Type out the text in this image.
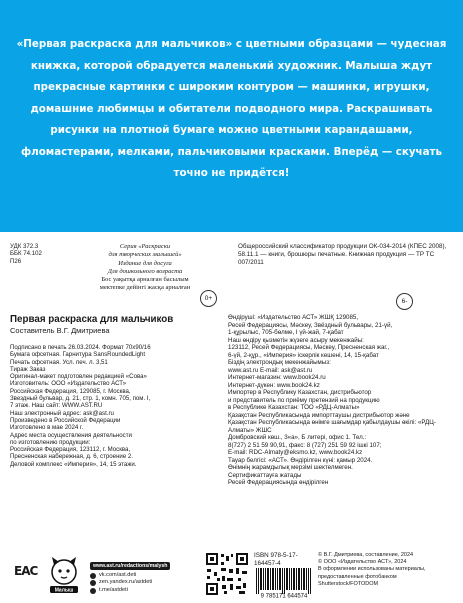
«Первая раскраска для мальчиков» с цветными образцами — чудесная книжка, которой обрадуется маленький художник. Малыша ждут прекрасные картинки с широким контуром — машинки, игрушки, домашние любимцы и обитатели подводного мира. Раскрашивать рисунки на плотной бумаге можно цветными карандашами, фломастерами, мелками, пальчиковыми красками. Вперёд — скучать точно не придётся!
УДК 372.3
ББК 74.102
П26
Серия «Раскраски
для творческих малышей»
Издание для досуга
Для дошкольного возраста
Бос уақытқа арналған басылым
мектепке дейінгі жасқа арналған
Общероссийский классификатор продукции ОК-034-2014 (КПЕС 2008), 58.11.1 — книги, брошюры печатные. Книжная продукция — ТР ТС 007/2011
0+	6-

Первая раскраска для мальчиков

Составитель В.Г. Дмитриева

Подписано в печать 26.03.2024. Формат 70х90/16
Бумага офсетная. Гарнитура SansRoundedLight
Печать офсетная. Усл. печ. л. 3,51
Тираж Заказ
Оригинал-макет подготовлен редакцией «Сова»
Изготовитель: ООО «Издательство АСТ»
Российская Федерация, 129085, г. Москва,
Звездный бульвар, д. 21, стр. 1, комн. 705, пом. I,
7 этаж. Наш сайт: WWW.AST.RU
Наш электронный адрес: ask@ast.ru
Произведено в Российской Федерации
Изготовлено в мае 2024 г.
Адрес места осуществления деятельности
по изготовлению продукции:
Российская Федерация, 123112, г. Москва,
Пресненская набережная, д. 6, строение 2.
Деловой комплекс «Империя», 14, 15 этажи.

Өндіруші: «Издательство АСТ» ЖШҚ 129085,
Ресей Федерациясы, Мәскеу, Звёздный бульвары, 21-үй,
1-құрылыс, 705-бөлме, I үй-жай, 7-қабат
Наш өндіру қызметін жүзеге асыру мекенжайы:
123112, Ресей Федерациясы, Мәскеу, Пресненская жаг.,
6-үй, 2-құр., «Империя» іскерлік кешені, 14, 15-қабат
Біздің электрондық мекенжайымыз:
www.ast.ru E-mail: ask@ast.ru
Интернет-магазин: www.book24.ru
Интернет-дүкен: www.book24.kz
Импортер в Республику Казахстан, дистрибьютор
и представитель по приёму претензий на продукцию
в Республике Казахстан: ТОО «РДЦ-Алматы»
Қазақстан Республикасында импорттаушы дистрибьютор және
Қазақстан Республикасында өнімге шағымдар қабылдаушы өкілі: «РДЦ-Алматы» ЖШС
Домбровский көш., 3«а», Б литері, офис 1. Тел.:
8(727) 2 51 59 90,91, факс: 8 (727) 251 59 92 ішкі 107;
E-mail: RDC-Almaty@eksmo.kz, www.book24.kz
Тауар белгісі: «АСТ». Өндірілген күні: қамыр 2024.
Өнімнің жарамдылық мерзімі шектелмеген.
Сертификаттауға жатады
Ресей Федерациясында өндірілген

EAC
Малыш
www.ast.ru/redactions/malysh
vk.com/ast.deti
zen.yandex.ru/astdeti
t.me/astdeti

ISBN 978-5-17-164457-4

9 785171 644574
© В.Г. Дмитриева, составление, 2024
© ООО «Издательство АСТ», 2024
В оформлении использованы материалы,
предоставленные фотобанком
Shutterstock/FOTODOM
